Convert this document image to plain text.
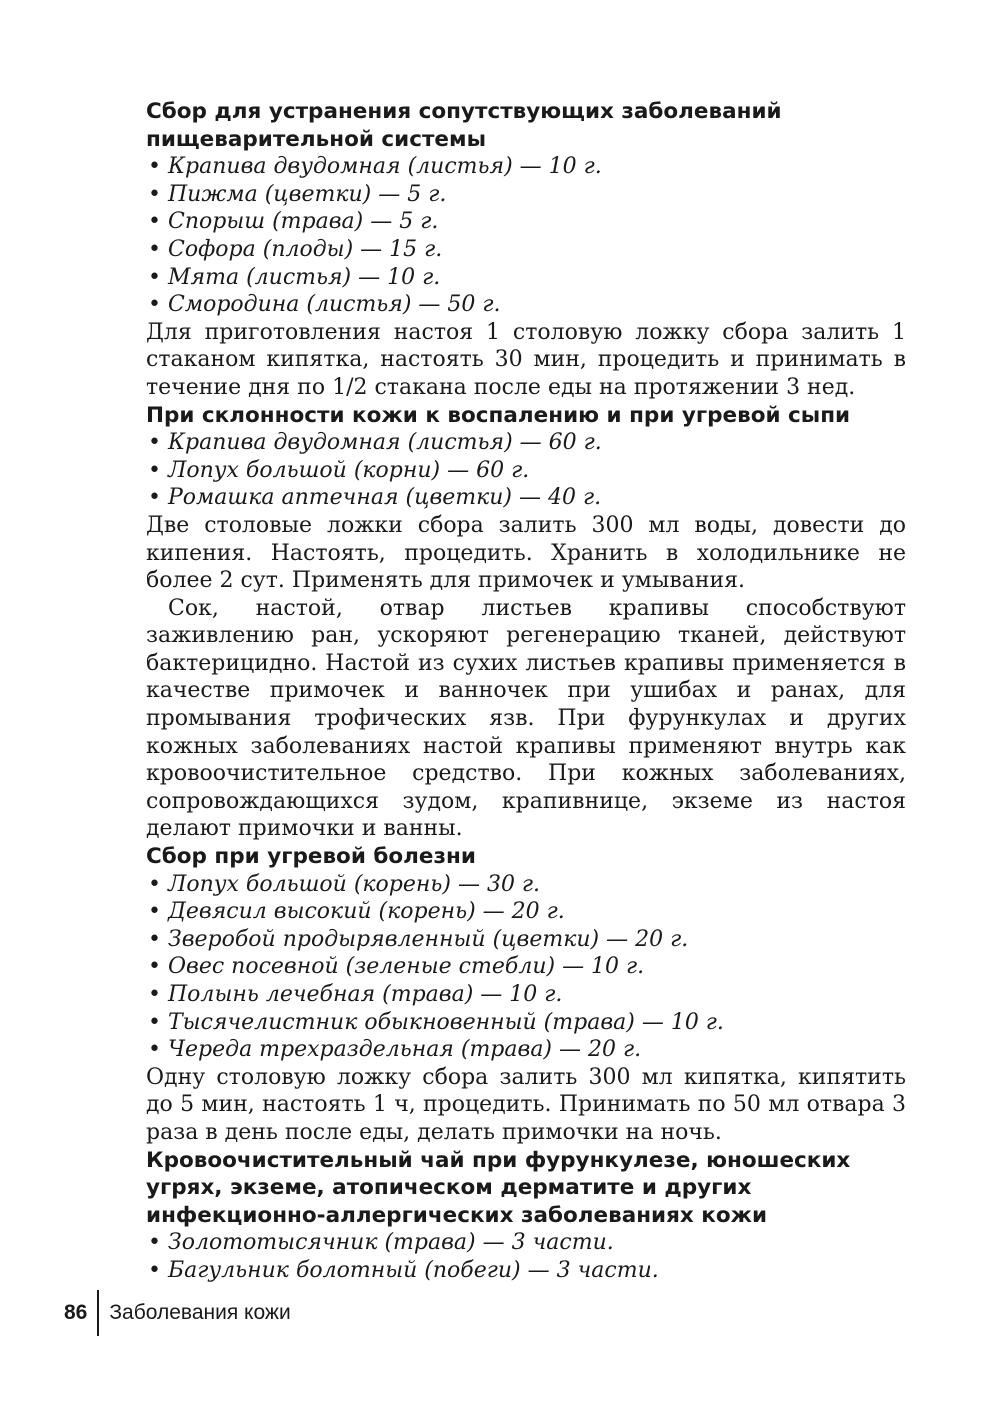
Сбор для устранения сопутствующих заболеваний пищеварительной системы
• Крапива двудомная (листья) — 10 г.
• Пижма (цветки) — 5 г.
• Спорыш (трава) — 5 г.
• Софора (плоды) — 15 г.
• Мята (листья) — 10 г.
• Смородина (листья) — 50 г.

Для приготовления настоя 1 столовую ложку сбора залить 1 стаканом кипятка, настоять 30 мин, процедить и принимать в течение дня по 1/2 стакана после еды на протяжении 3 нед.

При склонности кожи к воспалению и при угревой сыпи
• Крапива двудомная (листья) — 60 г.
• Лопух большой (корни) — 60 г.
• Ромашка аптечная (цветки) — 40 г.

Две столовые ложки сбора залить 300 мл воды, довести до кипения. Настоять, процедить. Хранить в холодильнике не более 2 сут. Применять для примочек и умывания.

Сок, настой, отвар листьев крапивы способствуют заживлению ран, ускоряют регенерацию тканей, действуют бактерицидно. Настой из сухих листьев крапивы применяется в качестве примочек и ванночек при ушибах и ранах, для промывания трофических язв. При фурункулах и других кожных заболеваниях настой крапивы применяют внутрь как кровоочистительное средство. При кожных заболеваниях, сопровождающихся зудом, крапивнице, экземе из настоя делают примочки и ванны.

Сбор при угревой болезни
• Лопух большой (корень) — 30 г.
• Девясил высокий (корень) — 20 г.
• Зверобой продырявленный (цветки) — 20 г.
• Овес посевной (зеленые стебли) — 10 г.
• Полынь лечебная (трава) — 10 г.
• Тысячелистник обыкновенный (трава) — 10 г.
• Череда трехраздельная (трава) — 20 г.

Одну столовую ложку сбора залить 300 мл кипятка, кипятить до 5 мин, настоять 1 ч, процедить. Принимать по 50 мл отвара 3 раза в день после еды, делать примочки на ночь.

Кровоочистительный чай при фурункулезе, юношеских угрях, экземе, атопическом дерматите и других инфекционно-аллергических заболеваниях кожи
• Золототысячник (трава) — 3 части.
• Багульник болотный (побеги) — 3 части.
86	Заболевания кожи
